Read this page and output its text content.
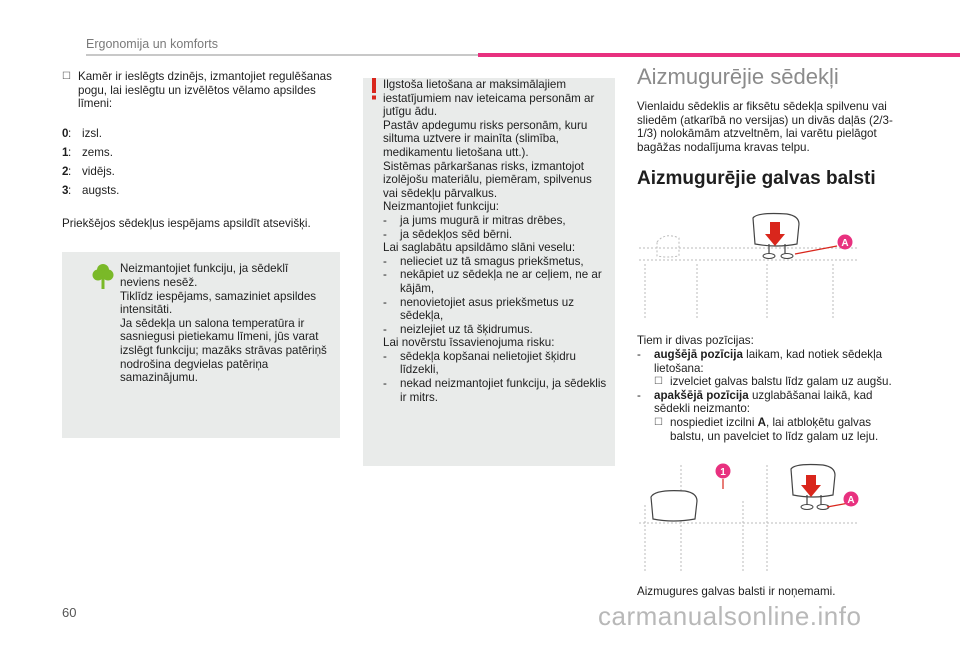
Ergonomija un komforts
☐ Kamēr ir ieslēgts dzinējs, izmantojiet regulēšanas pogu, lai ieslēgtu un izvēlētos vēlamo apsildes līmeni:
0 : izsl.
1 : zems.
2 : vidējs.
3 : augsts.
Priekšējos sēdekļus iespējams apsildīt atsevišķi.
Neizmantojiet funkciju, ja sēdeklī neviens nesēž.
Tiklīdz iespējams, samaziniet apsildes intensitāti.
Ja sēdekļa un salona temperatūra ir sasniegusi pietiekamu līmeni, jūs varat izslēgt funkciju; mazāks strāvas patēriņš nodrošina degvielas patēriņa samazinājumu.
Ilgstoša lietošana ar maksimālajiem iestatījumiem nav ieteicama personām ar jutīgu ādu.
Pastāv apdegumu risks personām, kuru siltuma uztvere ir mainīta (slimība, medikamentu lietošana utt.).
Sistēmas pārkaršanas risks, izmantojot izolējošu materiālu, piemēram, spilvenus vai sēdekļu pārvalkus.
Neizmantojiet funkciju:
-	ja jums mugurā ir mitras drēbes,
-	ja sēdekļos sēd bērni.
Lai saglabātu apsildāmo slāni veselu:
-	nelieciet uz tā smagus priekšmetus,
-	nekāpiet uz sēdekļa ne ar ceļiem, ne ar kājām,
-	nenovietojiet asus priekšmetus uz sēdekļa,
-	neizlejiet uz tā šķidrumus.
Lai novērstu īssavienojuma risku:
-	sēdekļa kopšanai nelietojiet šķidru līdzekli,
-	nekad neizmantojiet funkciju, ja sēdeklis ir mitrs.
Aizmugurējie sēdekļi
Vienlaidu sēdeklis ar fiksētu sēdekļa spilvenu vai sliedēm (atkarībā no versijas) un divās daļās (2/3-1/3) nolokāmām atzveltnēm, lai varētu pielāgot bagāžas nodalījuma kravas telpu.
Aizmugurējie galvas balsti
A
Tiem ir divas pozīcijas:
-	augšējā pozīcija laikam, kad notiek sēdekļa lietošana:
☐ izvelciet galvas balstu līdz galam uz augšu.
-	apakšējā pozīcija uzglabāšanai laikā, kad sēdekli neizmanto:
☐ nospiediet izcilni A, lai atbloķētu galvas balstu, un pavelciet to līdz galam uz leju.
1
A
Aizmugures galvas balsti ir noņemami.
60	carmanualsonline.info
